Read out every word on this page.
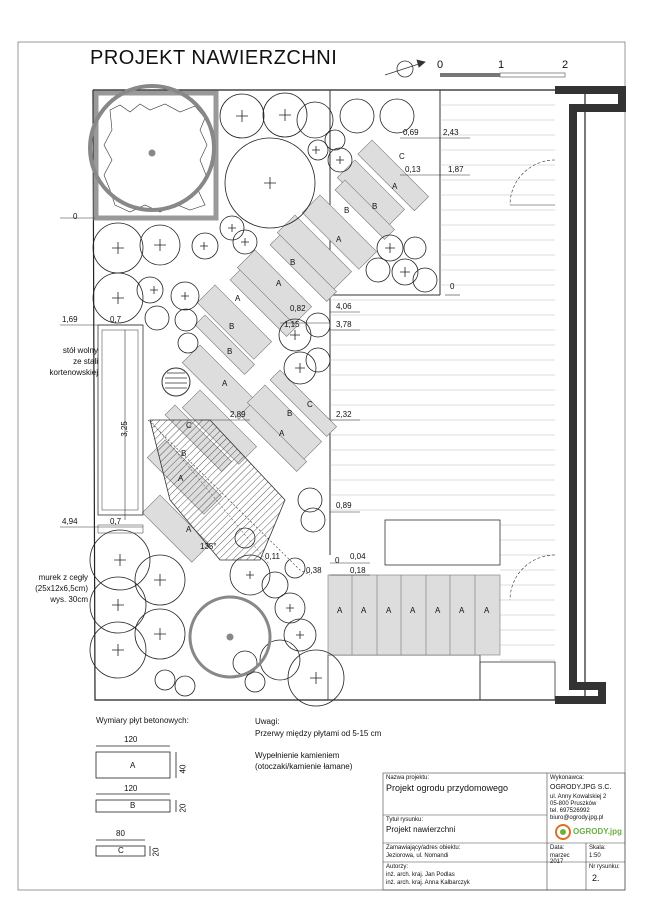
PROJEKT NAWIERZCHNI	0	1	2
0
0
0
0,69	2,43
0,13	1,87
1,69	0,7
0,82	4,06
1,15	3,78
2,89	2,32
3,25
4,94	0,7
0,89
0,04
0,18
0,38
0,11
135°
C
A
B
B
A
B
A
A
B
B
A
C
B
A
C
B
A
A
A A A A A A A
stół wolny
ze stali
kortenowskiej
murek z cegły
(25x12x6,5cm)
wys. 30cm
Wymiary płyt betonowych:
120
A	40
120
B	20
80
C	20
Uwagi:
Przerwy między płytami od 5-15 cm
Wypełnienie kamieniem
(otoczaki/kamienie łamane)
Nazwa projektu:
Projekt ogrodu przydomowego
Tytuł rysunku:
Projekt nawierzchni
Zamawiający/adres obiektu:
Jeziorowa, ul. Nomandi
Autorzy:
inż. arch. kraj. Jan Podlas
inż. arch. kraj. Anna Kalbarczyk
Wykonawca:
OGRODY.JPG S.C.
ul. Anny Kowalskiej 2
05-800 Pruszków
tel. 697526992
biuro@ogrody.jpg.pl
OGRODY.jpg
Data:
marzec 2017
Skala:
1:50
Nr rysunku:
2.
